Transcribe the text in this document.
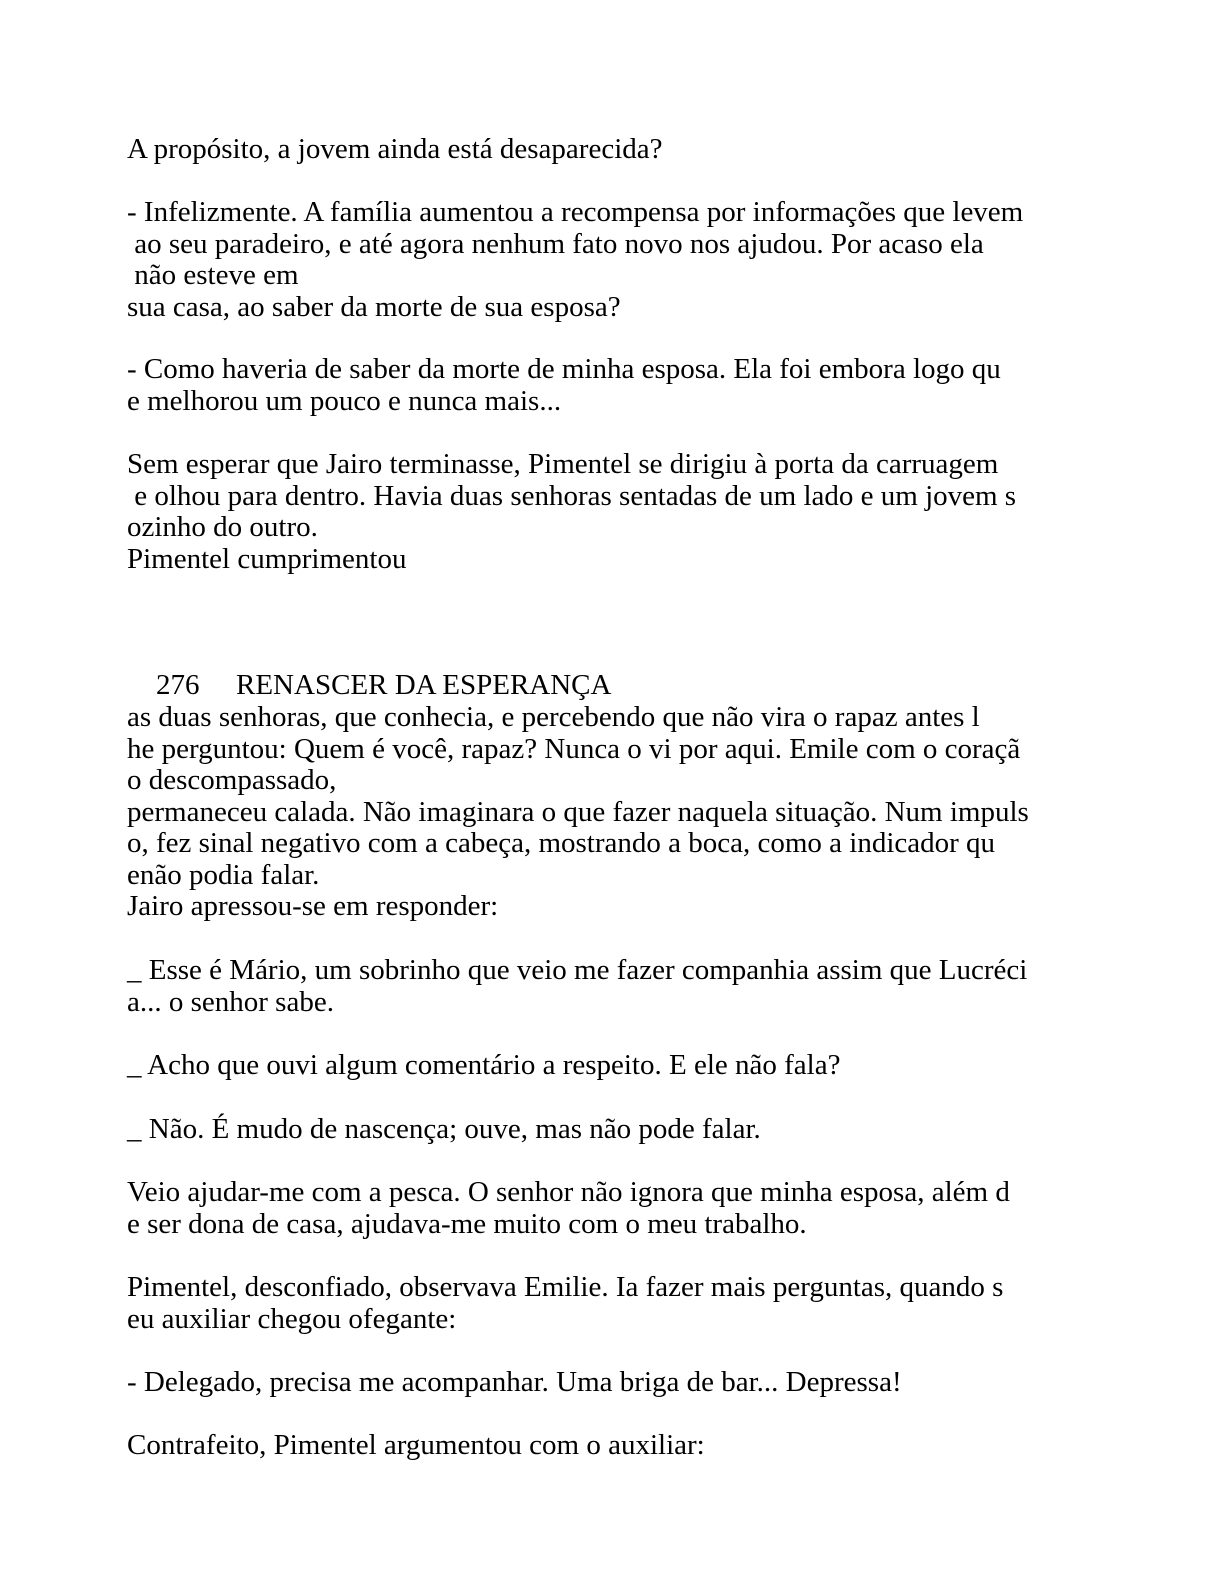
A propósito, a jovem ainda está desaparecida?

- Infelizmente. A família aumentou a recompensa por informações que levem
ao seu paradeiro, e até agora nenhum fato novo nos ajudou. Por acaso ela
não esteve em
sua casa, ao saber da morte de sua esposa?

- Como haveria de saber da morte de minha esposa. Ela foi embora logo qu
e melhorou um pouco e nunca mais...

Sem esperar que Jairo terminasse, Pimentel se dirigiu à porta da carruagem
e olhou para dentro. Havia duas senhoras sentadas de um lado e um jovem s
ozinho do outro.
Pimentel cumprimentou

276 RENASCER DA ESPERANÇA

as duas senhoras, que conhecia, e percebendo que não vira o rapaz antes l
he perguntou: Quem é você, rapaz? Nunca o vi por aqui. Emile com o coraçã
o descompassado,
permaneceu calada. Não imaginara o que fazer naquela situação. Num impuls
o, fez sinal negativo com a cabeça, mostrando a boca, como a indicador qu
enão podia falar.
Jairo apressou-se em responder:

_ Esse é Mário, um sobrinho que veio me fazer companhia assim que Lucréci
a... o senhor sabe.

_ Acho que ouvi algum comentário a respeito. E ele não fala?

_ Não. É mudo de nascença; ouve, mas não pode falar.

Veio ajudar-me com a pesca. O senhor não ignora que minha esposa, além d
e ser dona de casa, ajudava-me muito com o meu trabalho.

Pimentel, desconfiado, observava Emilie. Ia fazer mais perguntas, quando s
eu auxiliar chegou ofegante:

- Delegado, precisa me acompanhar. Uma briga de bar... Depressa!

Contrafeito, Pimentel argumentou com o auxiliar:
